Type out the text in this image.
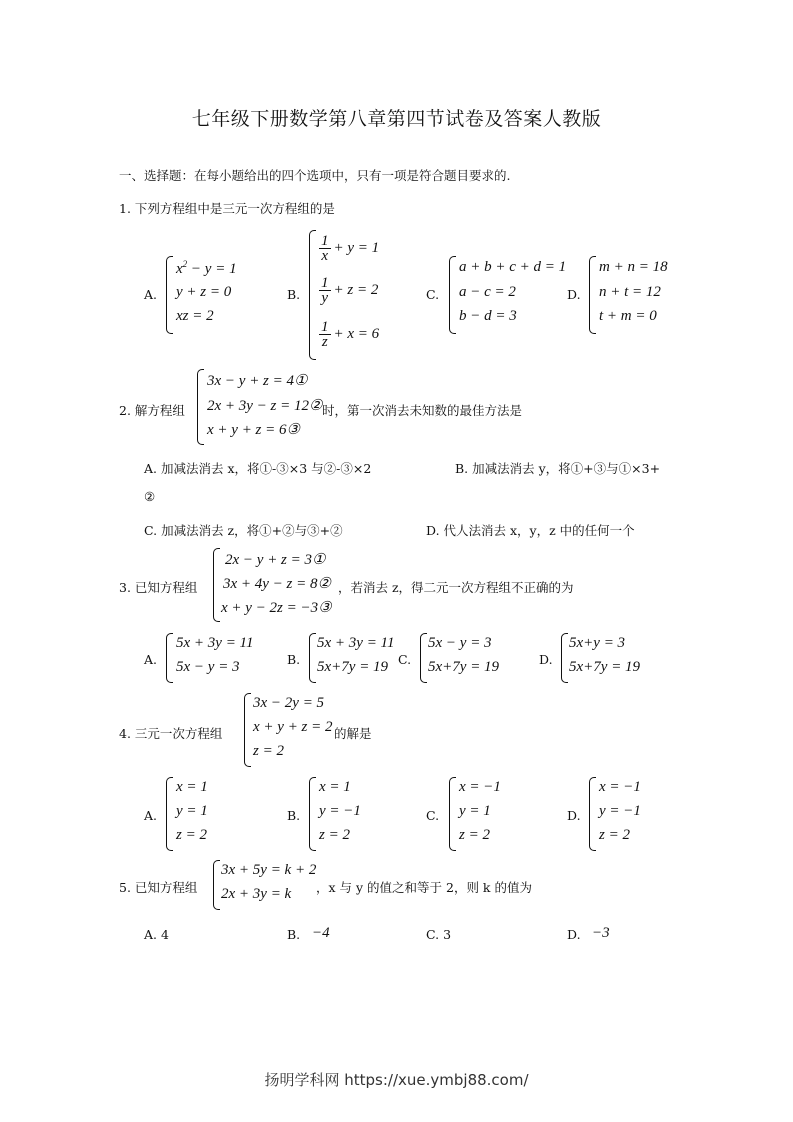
七年级下册数学第八章第四节试卷及答案人教版
一、选择题：在每小题给出的四个选项中，只有一项是符合题目要求的.
1. 下列方程组中是三元一次方程组的是
A.
$x^2 - y = 1$
y + z = 0
xz = 2
B.
$\frac{1}{x} + y = 1$
$\frac{1}{y} + z = 2$
$\frac{1}{z} + x = 6$
C.
a + b + c + d = 1
a − c = 2
b − d = 3
D.
m + n = 18
n + t = 12
t + m = 0
2. 解方程组
3x − y + z = 4①
2x + 3y − z = 12②
x + y + z = 6③
时，第一次消去未知数的最佳方法是
A. 加减法消去 x，将①-③×3 与②-③×2	B. 加减法消去 y，将①+③与①×3+
②
C. 加减法消去 z，将①+②与③+②	D. 代人法消去 x，y，z 中的任何一个
3. 已知方程组
2x − y + z = 3①
3x + 4y − z = 8②
x + y − 2z = −3③
，若消去 z，得二元一次方程组不正确的为
A.
5x + 3y = 11
5x − y = 3	B.
5x + 3y = 11
5x+7y = 19 C.
5x − y = 3
5x+7y = 19	D.
5x+y = 3
5x+7y = 19
4. 三元一次方程组
3x − 2y = 5
x + y + z = 2
z = 2
的解是
A.
x = 1
y = 1
z = 2
B.
x = 1
y = −1
z = 2
C.
x = −1
y = 1
z = 2
D.
x = −1
y = −1
z = 2
5. 已知方程组
3x + 5y = k + 2
2x + 3y = k ，x 与 y 的值之和等于 2，则 k 的值为
A. 4	B. −4	C. 3	D. −3
扬明学科网 https://xue.ymbj88.com/
